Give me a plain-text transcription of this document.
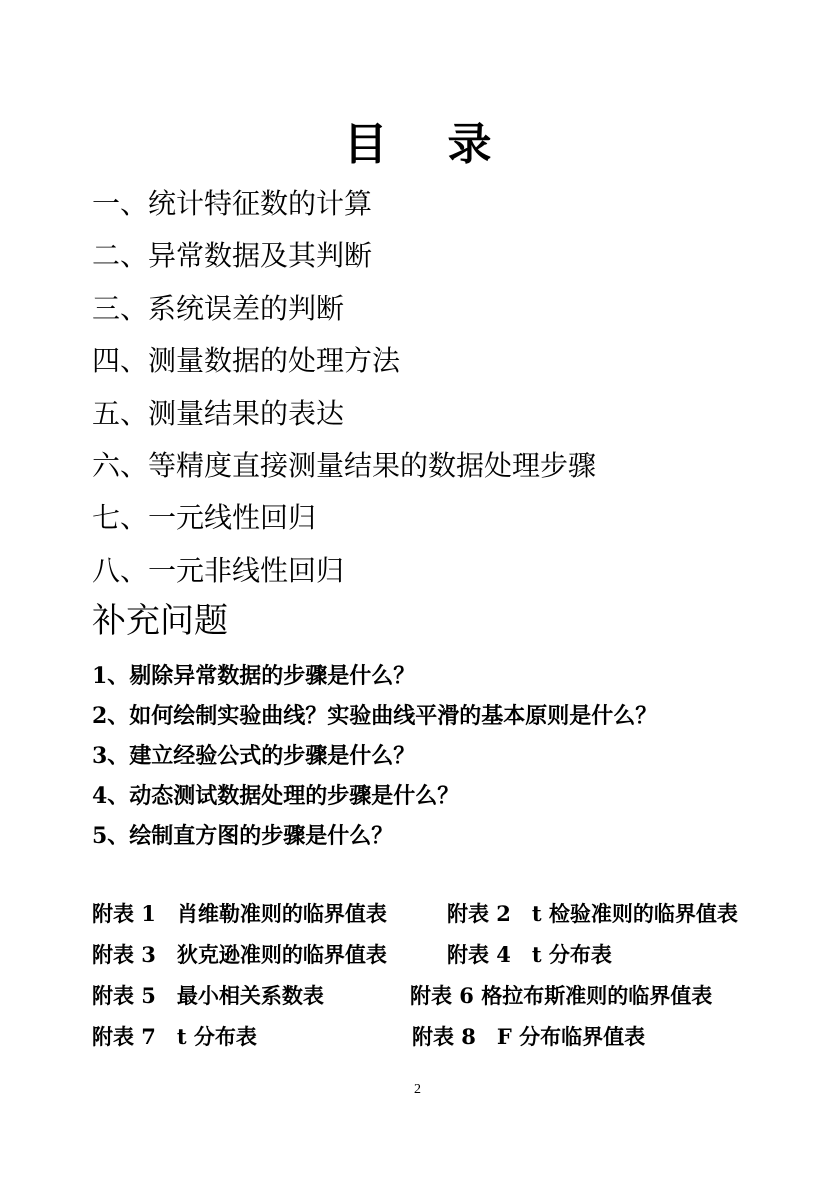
目 录
一、统计特征数的计算
二、异常数据及其判断
三、系统误差的判断
四、测量数据的处理方法
五、测量结果的表达
六、等精度直接测量结果的数据处理步骤
七、一元线性回归
八、一元非线性回归
补充问题
1、剔除异常数据的步骤是什么？
2、如何绘制实验曲线？实验曲线平滑的基本原则是什么？
3、建立经验公式的步骤是什么？
4、动态测试数据处理的步骤是什么？
5、绘制直方图的步骤是什么？
附表 1　肖维勒准则的临界值表	附表 2　t 检验准则的临界值表
附表 3　狄克逊准则的临界值表	附表 4　t 分布表
附表 5　最小相关系数表	附表 6 格拉布斯准则的临界值表
附表 7　t 分布表	附表 8　F 分布临界值表
2
